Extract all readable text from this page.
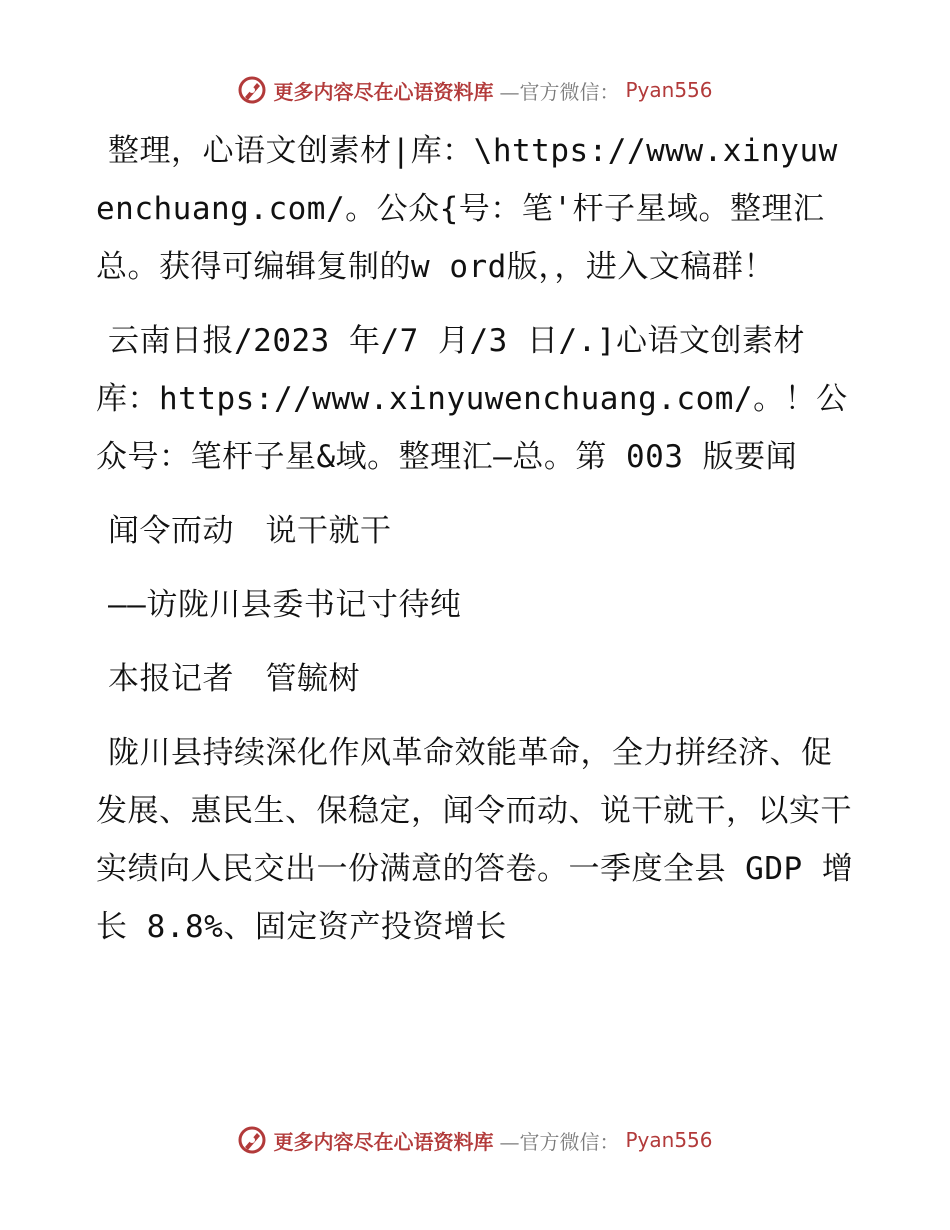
更多内容尽在心语资料库 —官方微信： Pyan556

整理，心语文创素材|库：\https://www.xinyuwenchuang.com/。公众{号：笔'杆子星域。整理汇总。获得可编辑复制的w ord版，，进入文稿群！

云南日报/2023 年/7 月/3 日/.]心语文创素材库：https://www.xinyuwenchuang.com/。！公众号：笔杆子星&域。整理汇—总。第 003 版要闻

闻令而动　说干就干

——访陇川县委书记寸待纯

本报记者　管毓树

陇川县持续深化作风革命效能革命，全力拼经济、促发展、惠民生、保稳定，闻令而动、说干就干，以实干实绩向人民交出一份满意的答卷。一季度全县 GDP 增长 8.8%、固定资产投资增长

更多内容尽在心语资料库 —官方微信： Pyan556
